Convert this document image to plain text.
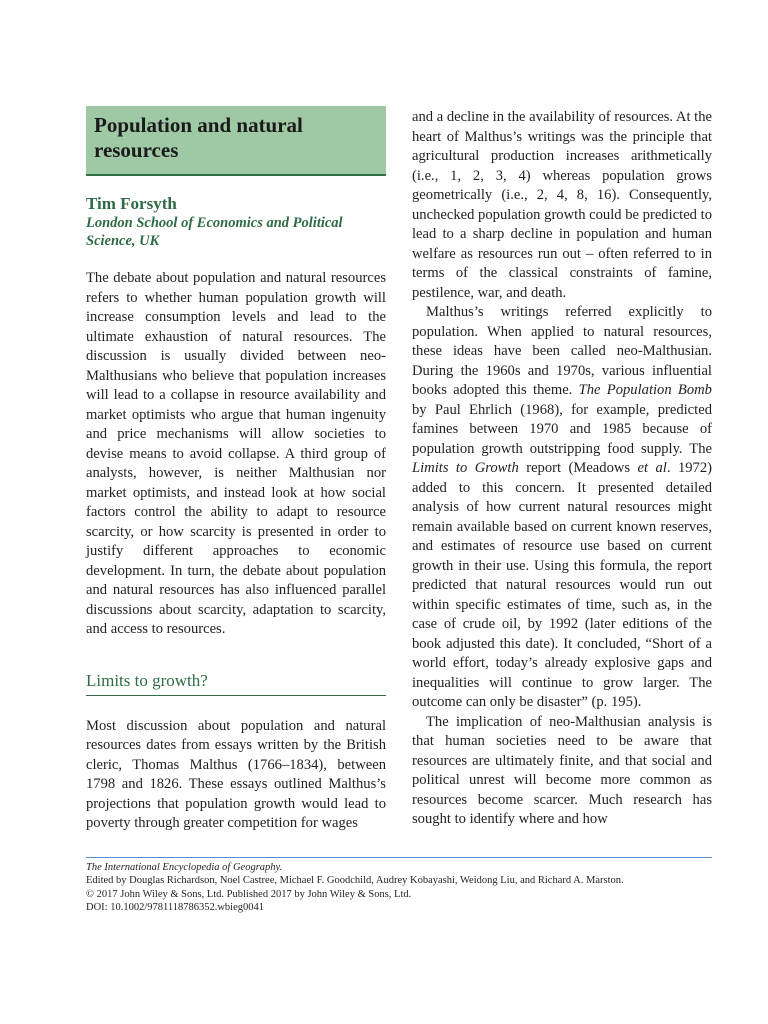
Population and natural resources
Tim Forsyth
London School of Economics and Political Science, UK

The debate about population and natural resources refers to whether human population growth will increase consumption levels and lead to the ultimate exhaustion of natural resources. The discussion is usually divided between neo-Malthusians who believe that population increases will lead to a collapse in resource availability and market optimists who argue that human ingenuity and price mechanisms will allow societies to devise means to avoid collapse. A third group of analysts, however, is neither Malthusian nor market optimists, and instead look at how social factors control the ability to adapt to resource scarcity, or how scarcity is presented in order to justify different approaches to economic development. In turn, the debate about population and natural resources has also influenced parallel discussions about scarcity, adaptation to scarcity, and access to resources.

Limits to growth?

Most discussion about population and natural resources dates from essays written by the British cleric, Thomas Malthus (1766–1834), between 1798 and 1826. These essays outlined Malthus’s projections that population growth would lead to poverty through greater competition for wages

and a decline in the availability of resources. At the heart of Malthus’s writings was the principle that agricultural production increases arithmetically (i.e., 1, 2, 3, 4) whereas population grows geometrically (i.e., 2, 4, 8, 16). Consequently, unchecked population growth could be predicted to lead to a sharp decline in population and human welfare as resources run out – often referred to in terms of the classical constraints of famine, pestilence, war, and death.

Malthus’s writings referred explicitly to population. When applied to natural resources, these ideas have been called neo-Malthusian. During the 1960s and 1970s, various influential books adopted this theme. The Population Bomb by Paul Ehrlich (1968), for example, predicted famines between 1970 and 1985 because of population growth outstripping food supply. The Limits to Growth report (Meadows et al. 1972) added to this concern. It presented detailed analysis of how current natural resources might remain available based on current known reserves, and estimates of resource use based on current growth in their use. Using this formula, the report predicted that natural resources would run out within specific estimates of time, such as, in the case of crude oil, by 1992 (later editions of the book adjusted this date). It concluded, “Short of a world effort, today’s already explosive gaps and inequalities will continue to grow larger. The outcome can only be disaster” (p. 195).

The implication of neo-Malthusian analysis is that human societies need to be aware that resources are ultimately finite, and that social and political unrest will become more common as resources become scarcer. Much research has sought to identify where and how

The International Encyclopedia of Geography.
Edited by Douglas Richardson, Noel Castree, Michael F. Goodchild, Audrey Kobayashi, Weidong Liu, and Richard A. Marston.
© 2017 John Wiley & Sons, Ltd. Published 2017 by John Wiley & Sons, Ltd.
DOI: 10.1002/9781118786352.wbieg0041
